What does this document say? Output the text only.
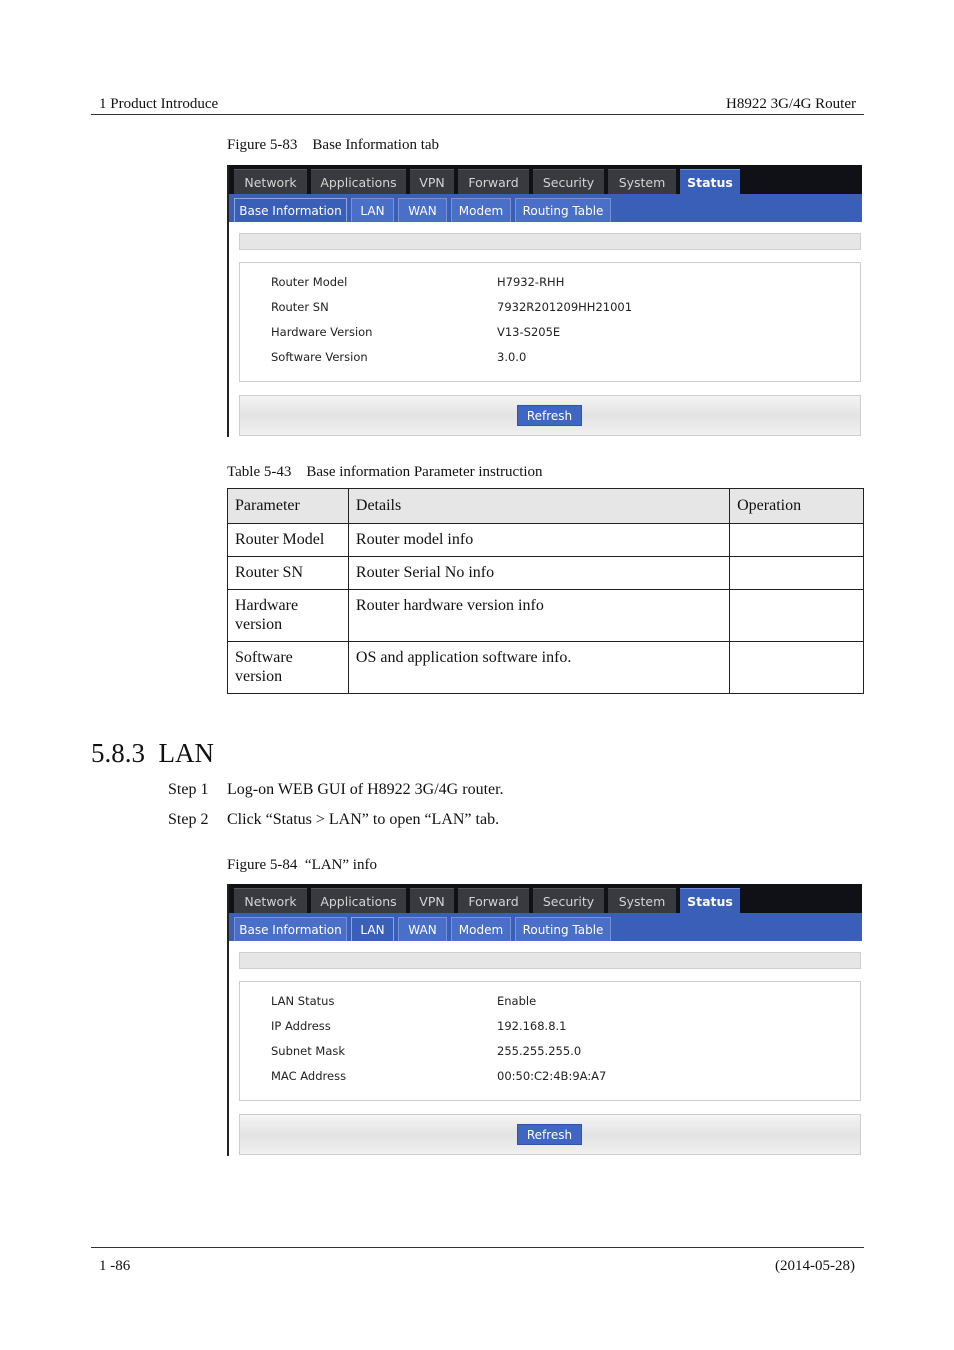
1 Product Introduce	H8922 3G/4G Router
Figure 5-83    Base Information tab
Network	Applications	VPN	Forward	Security	System	Status
Base Information	LAN	WAN	Modem	Routing Table
Router Model	H7932-RHH
Router SN	7932R201209HH21001
Hardware Version	V13-S205E
Software Version	3.0.0
Refresh
Table 5-43    Base information Parameter instruction
Parameter	Details	Operation
Router Model	Router model info	
Router SN	Router Serial No info	
Hardware version	Router hardware version info	
Software version	OS and application software info.	
5.8.3  LAN
Step 1 Log-on WEB GUI of H8922 3G/4G router.
Step 2 Click “Status > LAN” to open “LAN” tab.
Figure 5-84  “LAN” info
Network	Applications	VPN	Forward	Security	System	Status
Base Information	LAN	WAN	Modem	Routing Table
LAN Status	Enable
IP Address	192.168.8.1
Subnet Mask	255.255.255.0
MAC Address	00:50:C2:4B:9A:A7
Refresh
1 -86	(2014-05-28)
